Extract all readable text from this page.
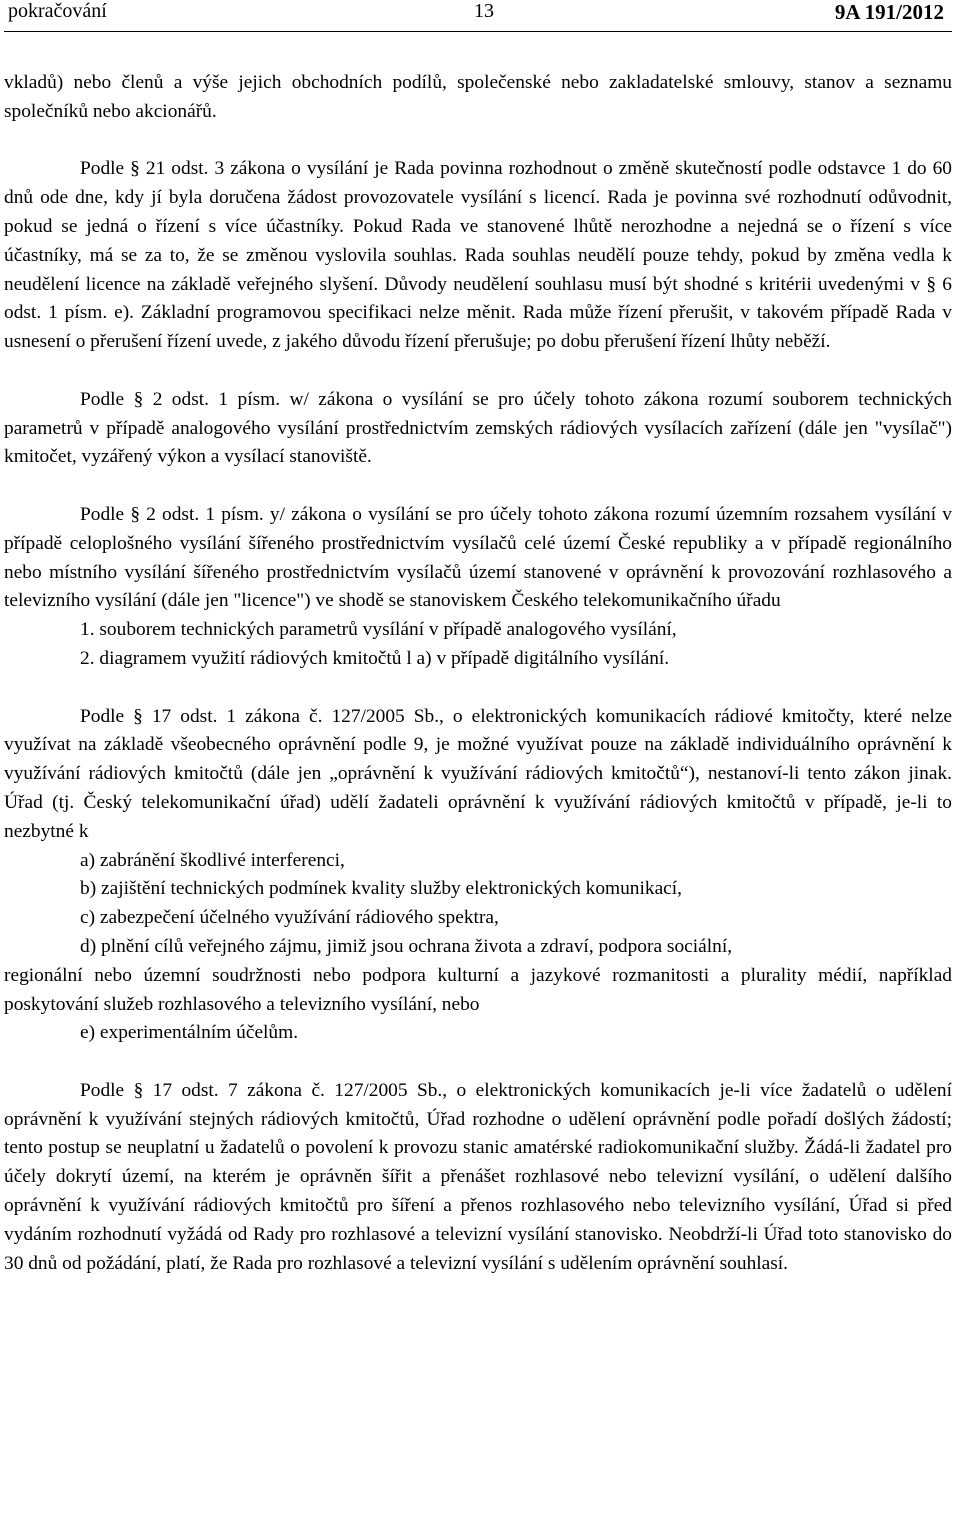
pokračování	13	9A 191/2012

vkladů) nebo členů a výše jejich obchodních podílů, společenské nebo zakladatelské smlouvy, stanov a seznamu společníků nebo akcionářů.

Podle § 21 odst. 3 zákona o vysílání je Rada povinna rozhodnout o změně skutečností podle odstavce 1 do 60 dnů ode dne, kdy jí byla doručena žádost provozovatele vysílání s licencí. Rada je povinna své rozhodnutí odůvodnit, pokud se jedná o řízení s více účastníky. Pokud Rada ve stanovené lhůtě nerozhodne a nejedná se o řízení s více účastníky, má se za to, že se změnou vyslovila souhlas. Rada souhlas neudělí pouze tehdy, pokud by změna vedla k neudělení licence na základě veřejného slyšení. Důvody neudělení souhlasu musí být shodné s kritérii uvedenými v § 6 odst. 1 písm. e). Základní programovou specifikaci nelze měnit. Rada může řízení přerušit, v takovém případě Rada v usnesení o přerušení řízení uvede, z jakého důvodu řízení přerušuje; po dobu přerušení řízení lhůty neběží.

Podle § 2 odst. 1 písm. w/ zákona o vysílání se pro účely tohoto zákona rozumí souborem technických parametrů v případě analogového vysílání prostřednictvím zemských rádiových vysílacích zařízení (dále jen "vysílač") kmitočet, vyzářený výkon a vysílací stanoviště.

Podle § 2 odst. 1 písm. y/ zákona o vysílání se pro účely tohoto zákona rozumí územním rozsahem vysílání v případě celoplošného vysílání šířeného prostřednictvím vysílačů celé území České republiky a v případě regionálního nebo místního vysílání šířeného prostřednictvím vysílačů území stanovené v oprávnění k provozování rozhlasového a televizního vysílání (dále jen "licence") ve shodě se stanoviskem Českého telekomunikačního úřadu

1. souborem technických parametrů vysílání v případě analogového vysílání,

2. diagramem využití rádiových kmitočtů l a) v případě digitálního vysílání.

Podle § 17 odst. 1 zákona č. 127/2005 Sb., o elektronických komunikacích rádiové kmitočty, které nelze využívat na základě všeobecného oprávnění podle 9, je možné využívat pouze na základě individuálního oprávnění k využívání rádiových kmitočtů (dále jen „oprávnění k využívání rádiových kmitočtů“), nestanoví-li tento zákon jinak. Úřad (tj. Český telekomunikační úřad) udělí žadateli oprávnění k využívání rádiových kmitočtů v případě, je-li to nezbytné k

a) zabránění škodlivé interferenci,

b) zajištění technických podmínek kvality služby elektronických komunikací,

c) zabezpečení účelného využívání rádiového spektra,

d) plnění cílů veřejného zájmu, jimiž jsou ochrana života a zdraví, podpora sociální,

regionální nebo územní soudržnosti nebo podpora kulturní a jazykové rozmanitosti a plurality médií, například poskytování služeb rozhlasového a televizního vysílání, nebo

e) experimentálním účelům.

Podle § 17 odst. 7 zákona č. 127/2005 Sb., o elektronických komunikacích je-li více žadatelů o udělení oprávnění k využívání stejných rádiových kmitočtů, Úřad rozhodne o udělení oprávnění podle pořadí došlých žádostí; tento postup se neuplatní u žadatelů o povolení k provozu stanic amatérské radiokomunikační služby. Žádá-li žadatel pro účely dokrytí území, na kterém je oprávněn šířit a přenášet rozhlasové nebo televizní vysílání, o udělení dalšího oprávnění k využívání rádiových kmitočtů pro šíření a přenos rozhlasového nebo televizního vysílání, Úřad si před vydáním rozhodnutí vyžádá od Rady pro rozhlasové a televizní vysílání stanovisko. Neobdrží-li Úřad toto stanovisko do 30 dnů od požádání, platí, že Rada pro rozhlasové a televizní vysílání s udělením oprávnění souhlasí.
